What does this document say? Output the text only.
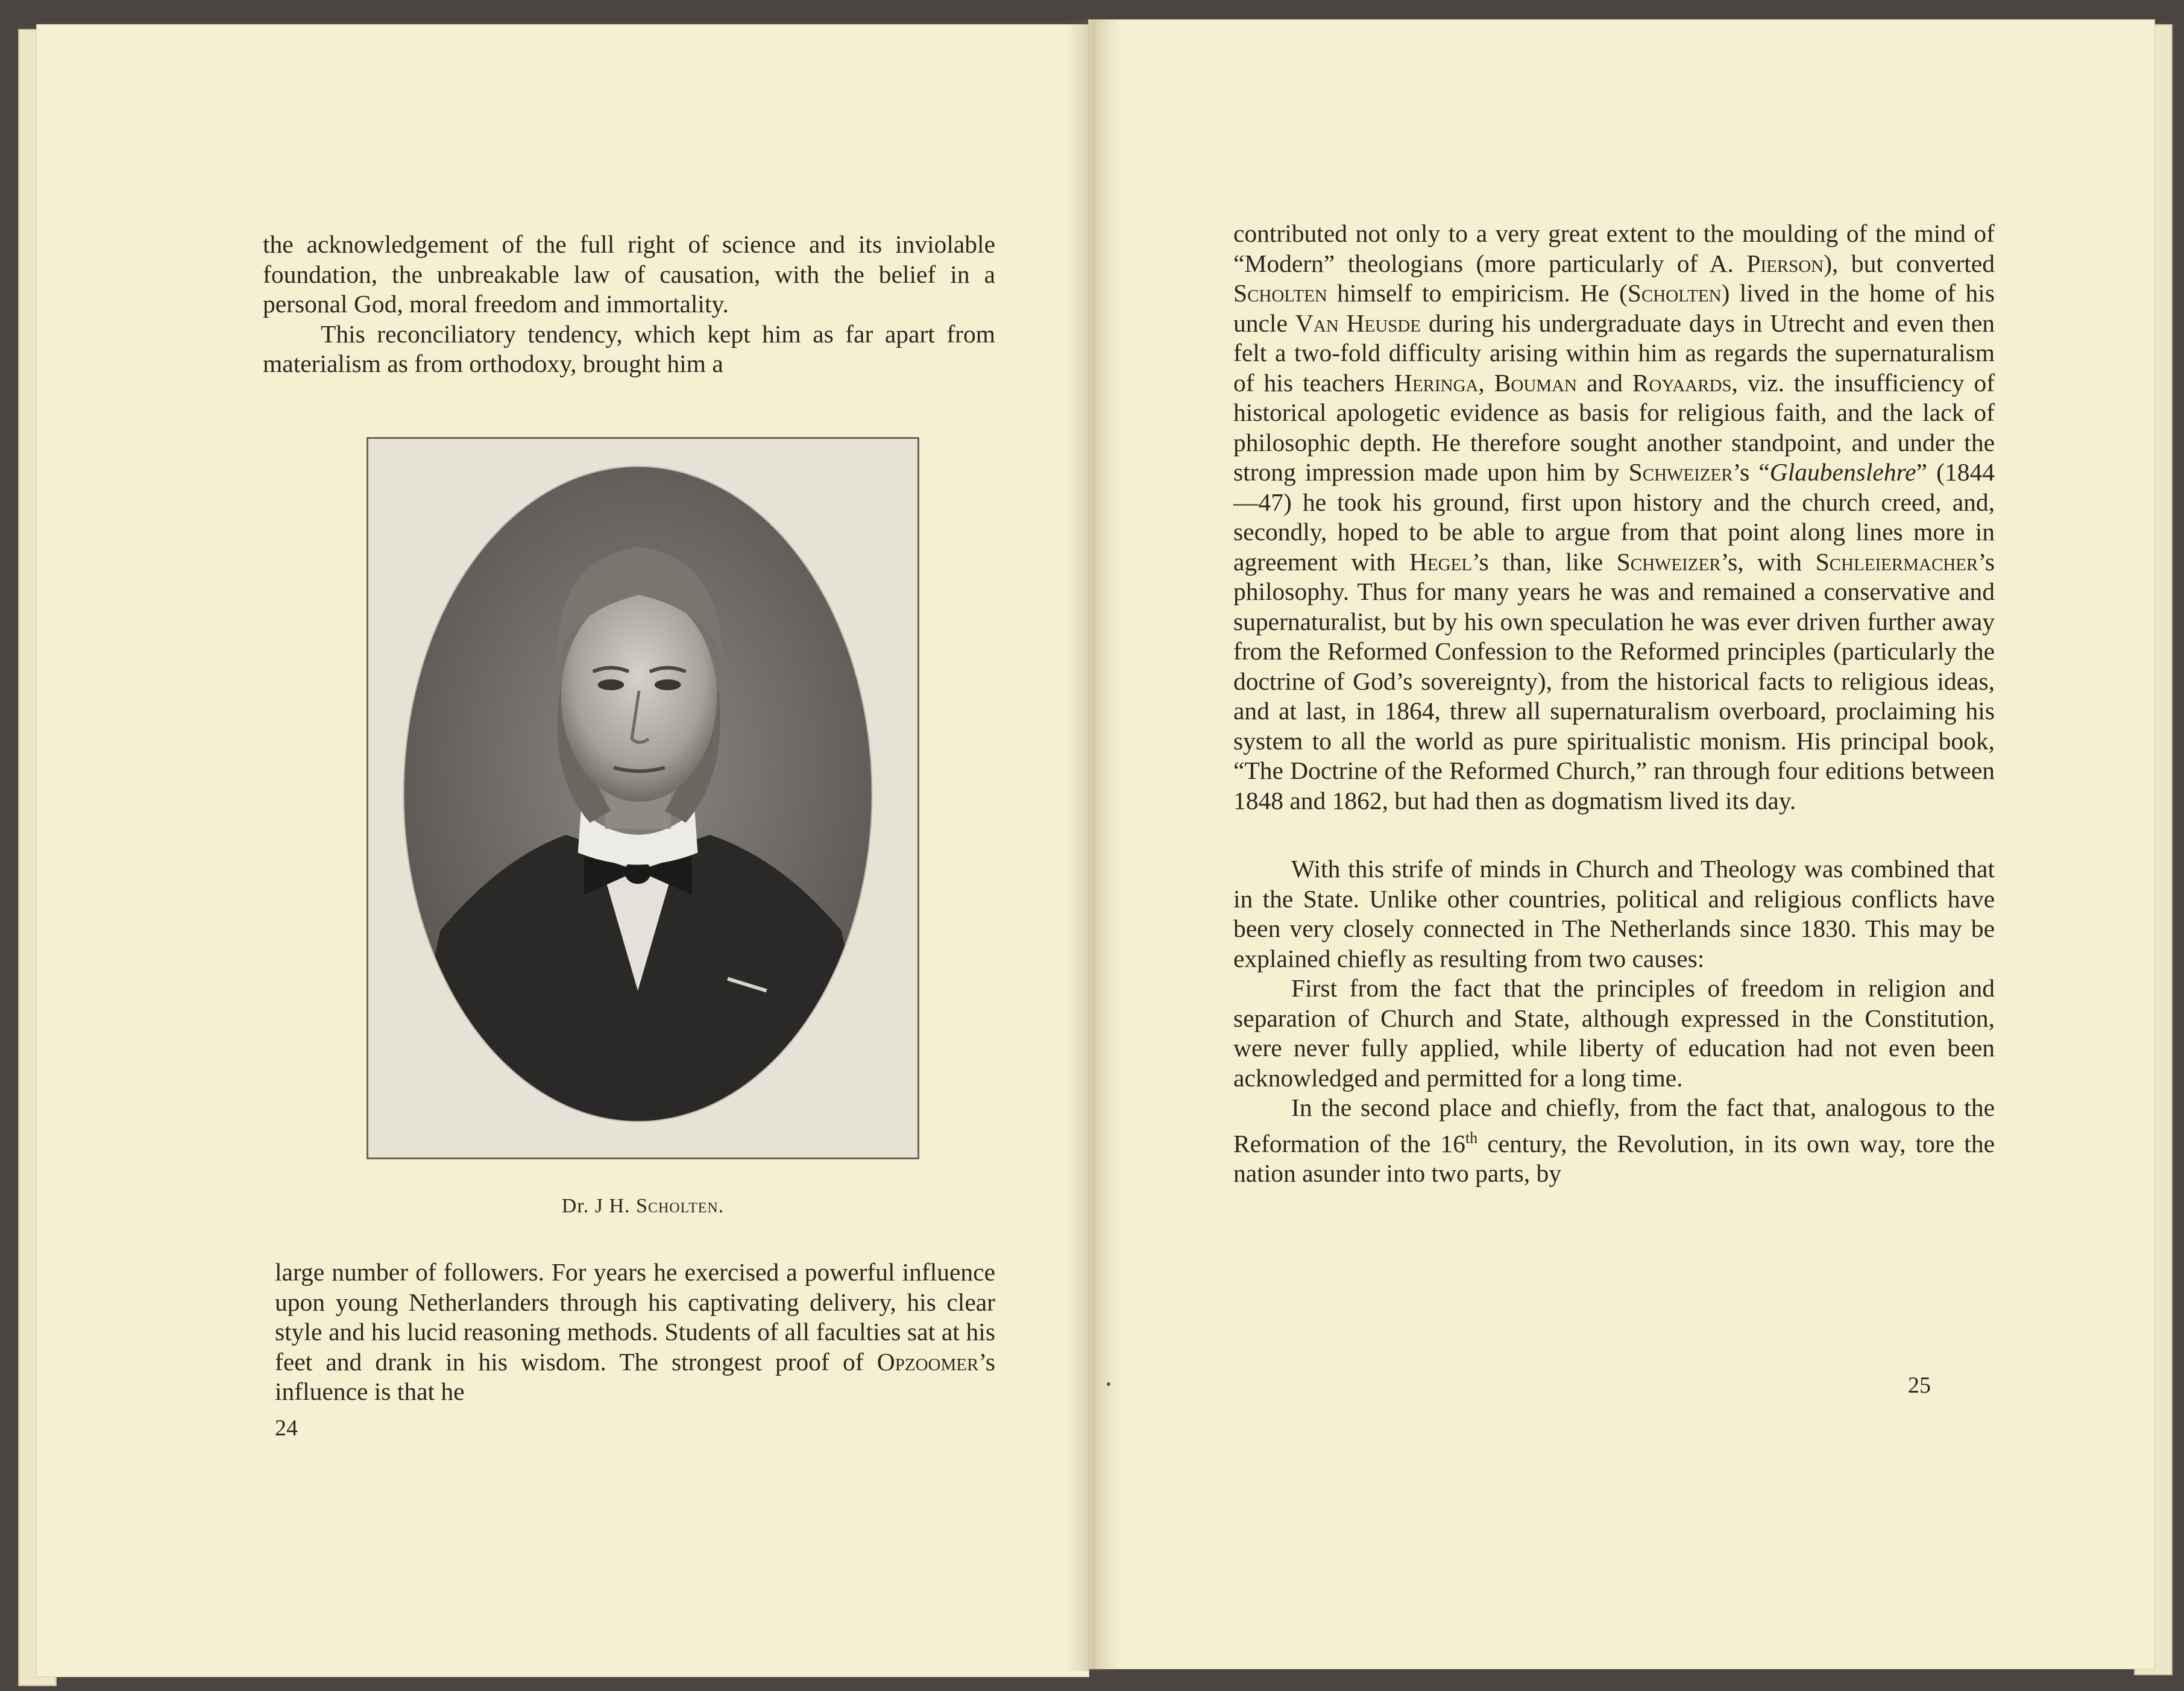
the acknowledgement of the full right of science and its inviolable foundation, the unbreakable law of causation, with the belief in a personal God, moral freedom and immortality.

This reconciliatory tendency, which kept him as far apart from materialism as from orthodoxy, brought him a

Dr. J H. Scholten.

large number of followers. For years he exercised a powerful influence upon young Netherlanders through his captivating delivery, his clear style and his lucid reasoning methods. Students of all faculties sat at his feet and drank in his wisdom. The strongest proof of Opzoomer’s influence is that he

24

contributed not only to a very great extent to the moulding of the mind of “Modern” theologians (more particularly of A. Pierson), but converted Scholten himself to empiricism. He (Scholten) lived in the home of his uncle Van Heusde during his undergraduate days in Utrecht and even then felt a two-fold difficulty arising within him as regards the supernaturalism of his teachers Heringa, Bouman and Royaards, viz. the insufficiency of historical apologetic evidence as basis for religious faith, and the lack of philosophic depth. He therefore sought another standpoint, and under the strong impression made upon him by Schweizer’s “Glaubenslehre” (1844—47) he took his ground, first upon history and the church creed, and, secondly, hoped to be able to argue from that point along lines more in agreement with Hegel’s than, like Schweizer’s, with Schleiermacher’s philosophy. Thus for many years he was and remained a conservative and supernaturalist, but by his own speculation he was ever driven further away from the Reformed Confession to the Reformed principles (particularly the doctrine of God’s sovereignty), from the historical facts to religious ideas, and at last, in 1864, threw all supernaturalism overboard, proclaiming his system to all the world as pure spiritualistic monism. His principal book, “The Doctrine of the Reformed Church,” ran through four editions between 1848 and 1862, but had then as dogmatism lived its day.

With this strife of minds in Church and Theology was combined that in the State. Unlike other countries, political and religious conflicts have been very closely connected in The Netherlands since 1830. This may be explained chiefly as resulting from two causes:

First from the fact that the principles of freedom in religion and separation of Church and State, although expressed in the Constitution, were never fully applied, while liberty of education had not even been acknowledged and permitted for a long time.

In the second place and chiefly, from the fact that, analogous to the Reformation of the 16th century, the Revolution, in its own way, tore the nation asunder into two parts, by

25
